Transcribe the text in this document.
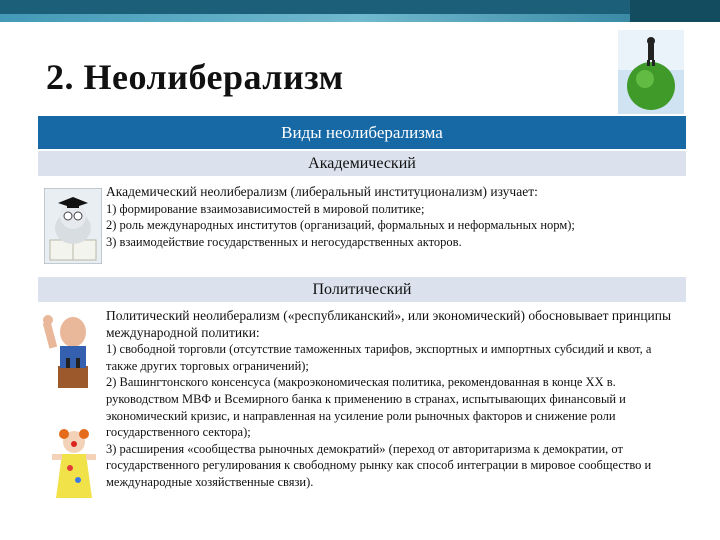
2. Неолиберализм
Виды неолиберализма
Академический

Академический неолиберализм (либеральный институционализм) изучает:

1) формирование взаимозависимостей в мировой политике;

2) роль международных институтов (организаций, формальных и неформальных норм);

3) взаимодействие государственных и негосударственных акторов.

Политический

Политический неолиберализм («республиканский», или экономический) обосновывает принципы международной политики:

1) свободной торговли (отсутствие таможенных тарифов, экспортных и импортных субсидий и квот, а также других торговых ограничений);

2) Вашингтонского консенсуса (макроэкономическая политика, рекомендованная в конце XX в. руководством МВФ и Всемирного банка к применению в странах, испытывающих финансовый и экономический кризис, и направленная на усиление роли рыночных факторов и снижение роли государственного сектора);

3) расширения «сообщества рыночных демократий» (переход от авторитаризма к демократии, от государственного регулирования к свободному рынку как способ интеграции в мировое сообщество и международные хозяйственные связи).
